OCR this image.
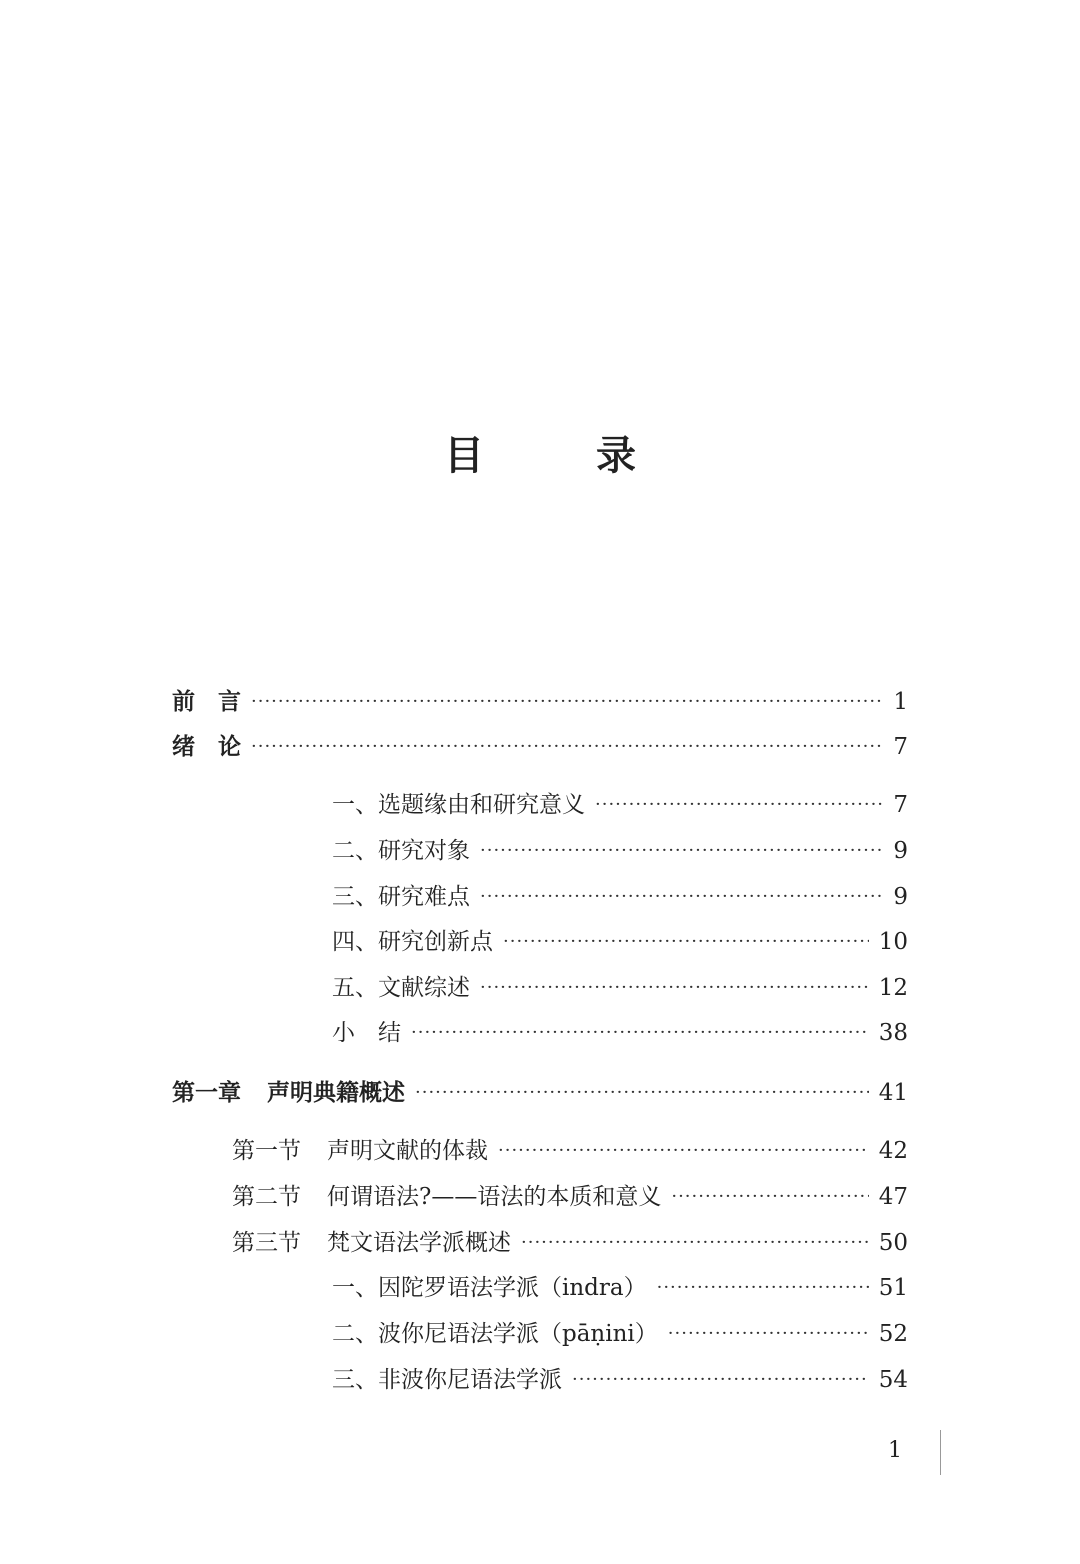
目　录
前　言 ·····	1
绪　论 ·····	7
一、选题缘由和研究意义 ·····	7
二、研究对象 ·····	9
三、研究难点 ·····	9
四、研究创新点 ·····	10
五、文献综述 ·····	12
小　结 ·····	38
第一章 声明典籍概述 ·····	41
第一节 声明文献的体裁 ·····	42
第二节 何谓语法?——语法的本质和意义 ·····	47
第三节 梵文语法学派概述 ·····	50
一、因陀罗语法学派（indra） ·····	51
二、波你尼语法学派（pāṇini） ·····	52
三、非波你尼语法学派 ·····	54
1
